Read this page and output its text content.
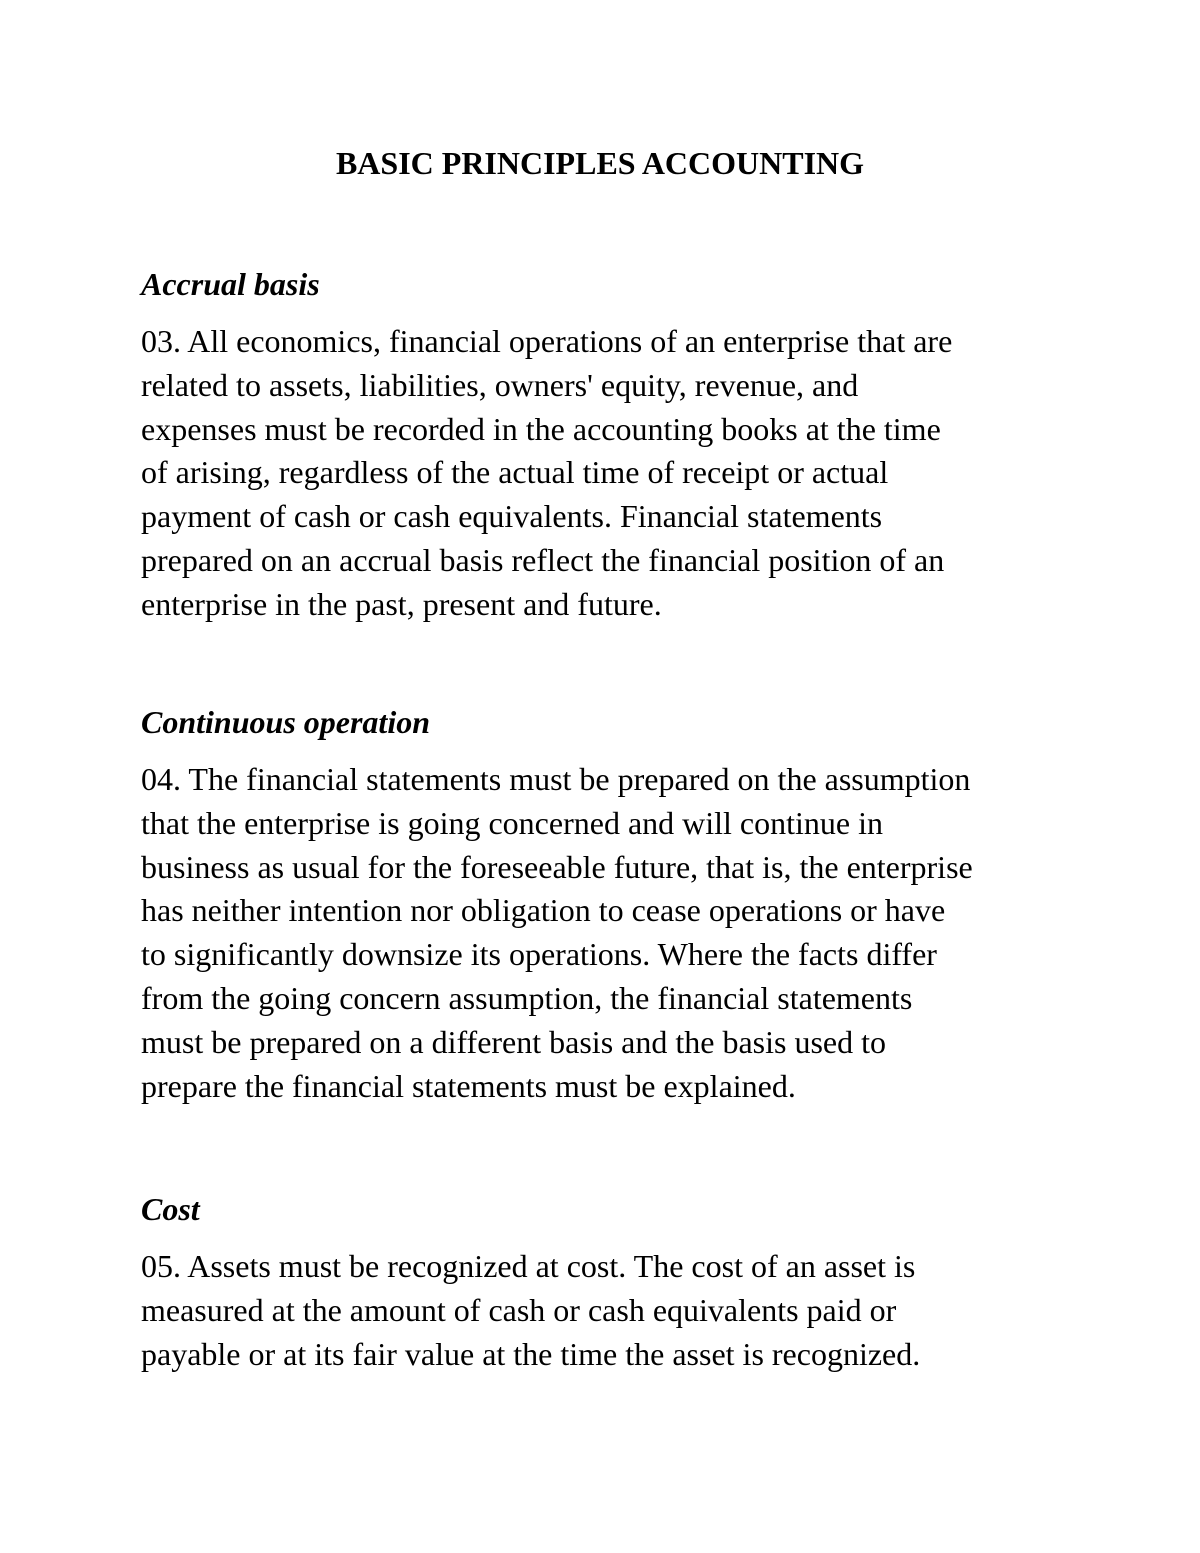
BASIC PRINCIPLES ACCOUNTING
Accrual basis

03. All economics, financial operations of an enterprise that are
related to assets, liabilities, owners' equity, revenue, and
expenses must be recorded in the accounting books at the time
of arising, regardless of the actual time of receipt or actual
payment of cash or cash equivalents. Financial statements
prepared on an accrual basis reflect the financial position of an
enterprise in the past, present and future.

Continuous operation

04. The financial statements must be prepared on the assumption
that the enterprise is going concerned and will continue in
business as usual for the foreseeable future, that is, the enterprise
has neither intention nor obligation to cease operations or have
to significantly downsize its operations. Where the facts differ
from the going concern assumption, the financial statements
must be prepared on a different basis and the basis used to
prepare the financial statements must be explained.

Cost

05. Assets must be recognized at cost. The cost of an asset is
measured at the amount of cash or cash equivalents paid or
payable or at its fair value at the time the asset is recognized.
